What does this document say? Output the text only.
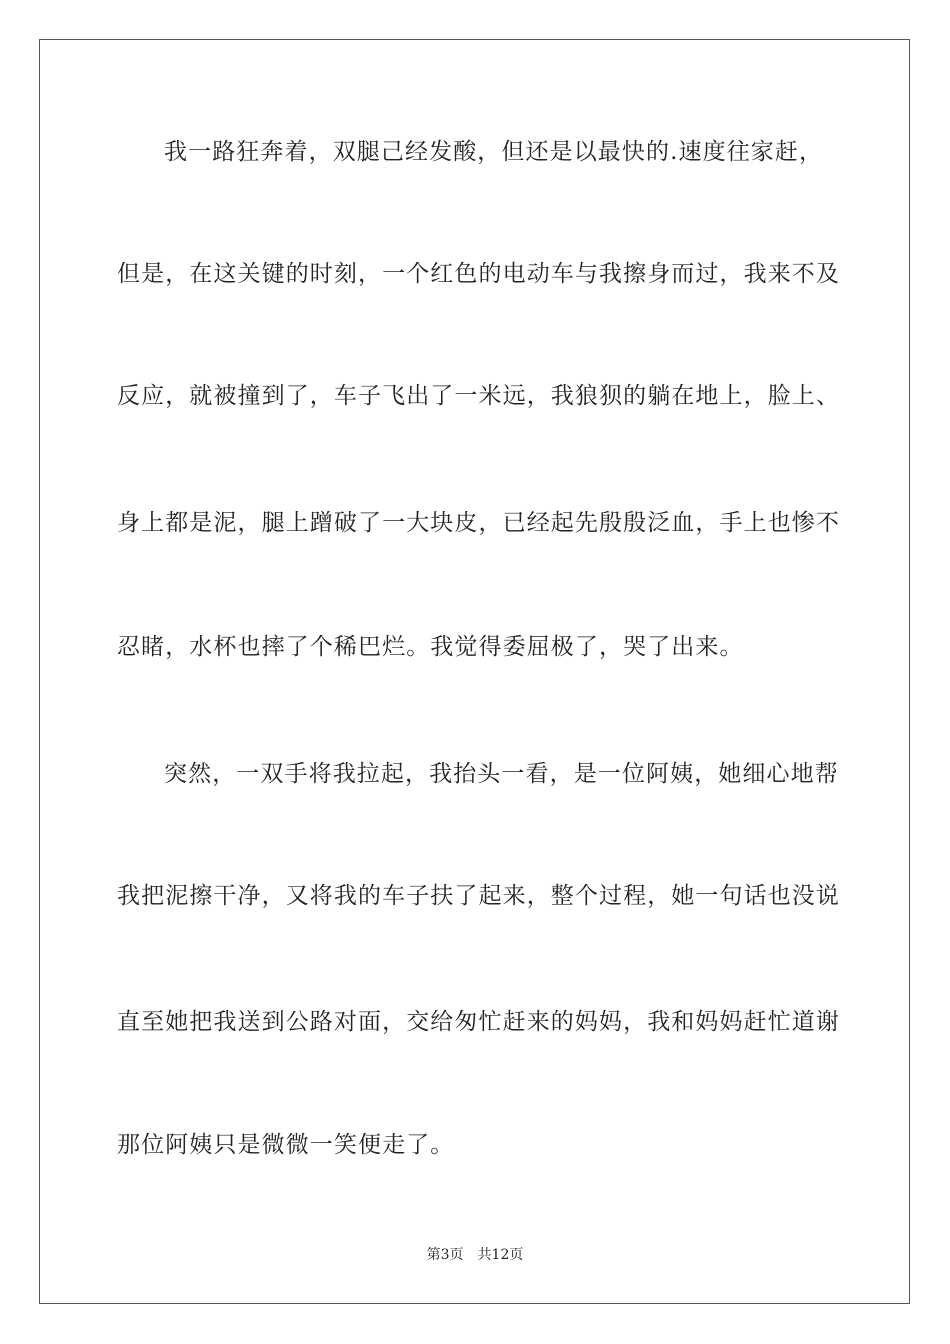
我一路狂奔着，双腿己经发酸，但还是以最快的.速度往家赶，
但是，在这关键的时刻，一个红色的电动车与我擦身而过，我来不及
反应，就被撞到了，车子飞出了一米远，我狼狈的躺在地上，脸上、
身上都是泥，腿上蹭破了一大块皮，已经起先殷殷泛血，手上也惨不
忍睹，水杯也摔了个稀巴烂。我觉得委屈极了，哭了出来。
突然，一双手将我拉起，我抬头一看，是一位阿姨，她细心地帮
我把泥擦干净，又将我的车子扶了起来，整个过程，她一句话也没说
直至她把我送到公路对面，交给匆忙赶来的妈妈，我和妈妈赶忙道谢
那位阿姨只是微微一笑便走了。
第3页 共12页
